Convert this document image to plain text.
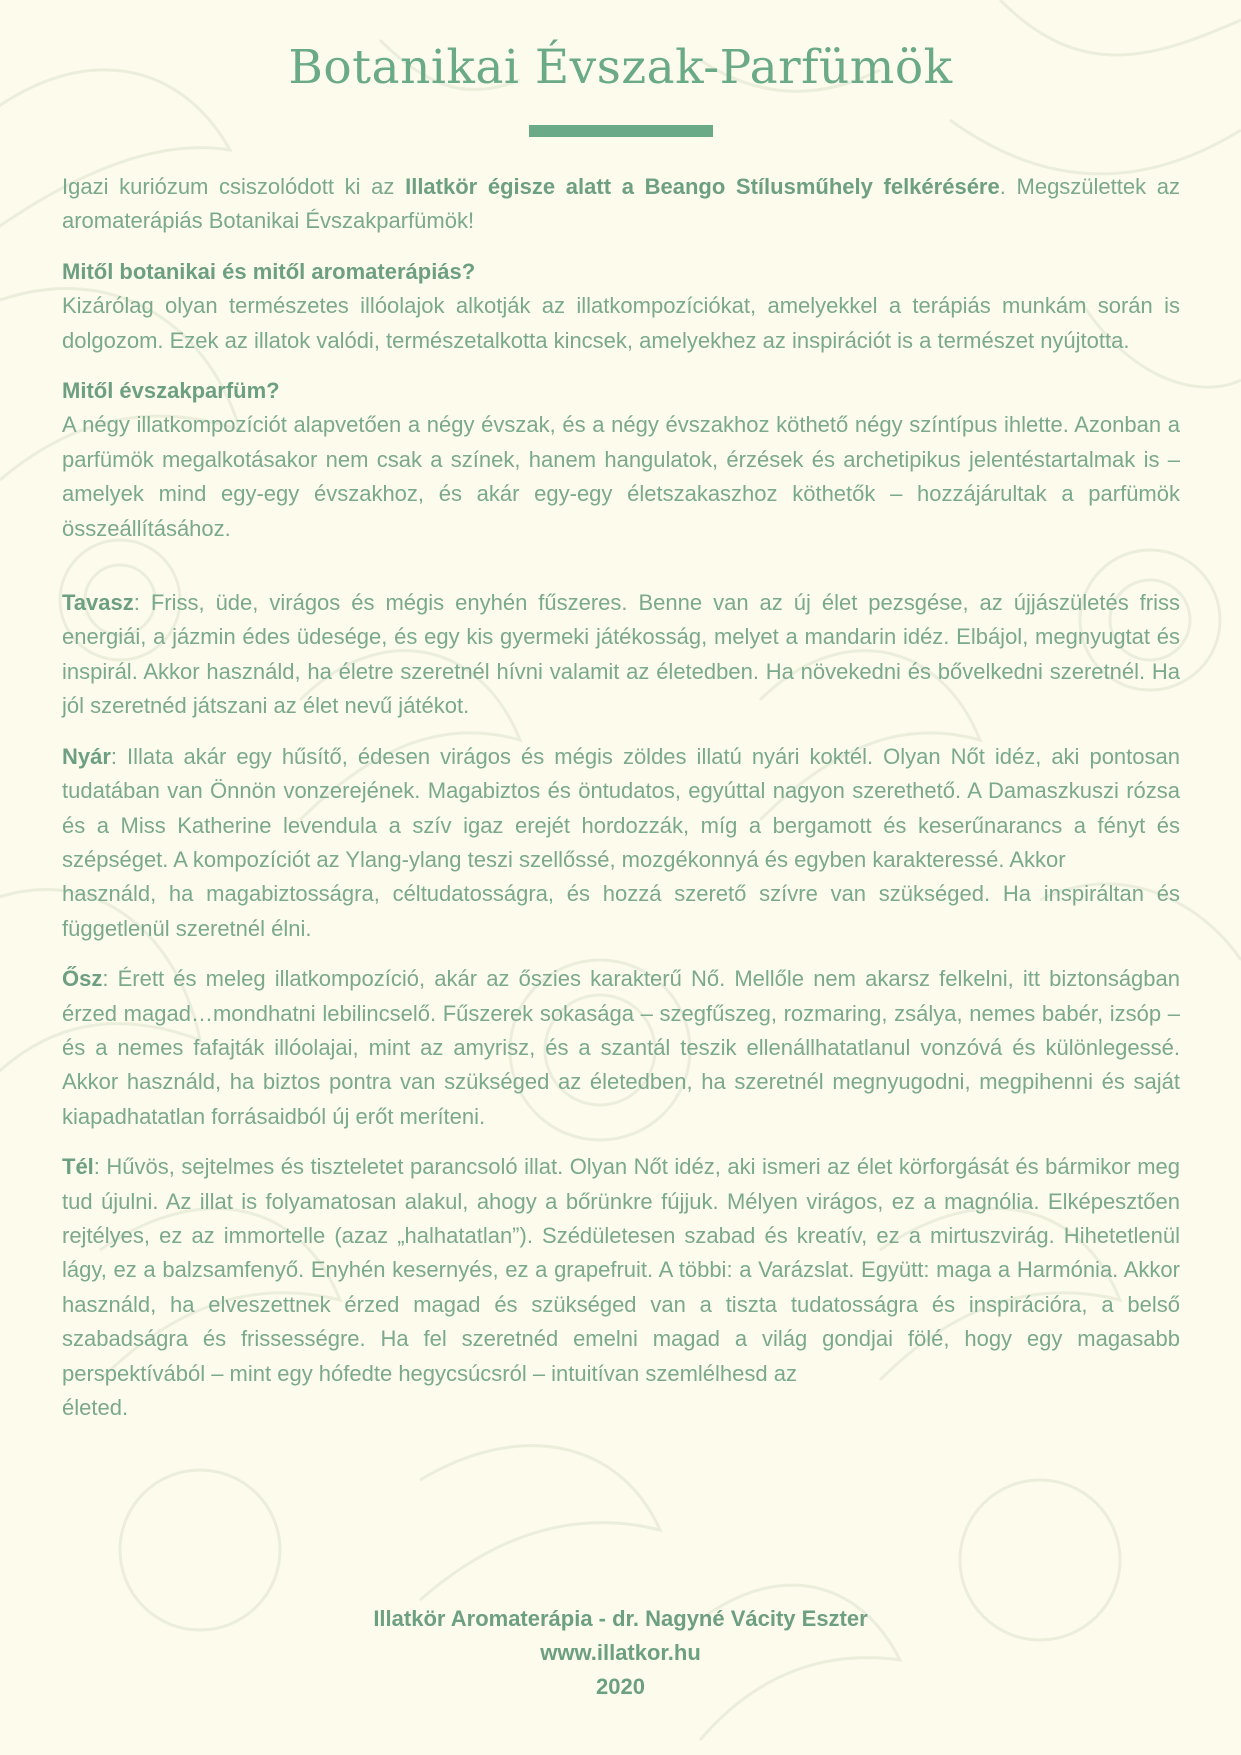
Botanikai Évszak-Parfümök

Igazi kuriózum csiszolódott ki az Illatkör égisze alatt a Beango Stílusműhely felkérésére. Megszülettek az aromaterápiás Botanikai Évszakparfümök!

Mitől botanikai és mitől aromaterápiás?
Kizárólag olyan természetes illóolajok alkotják az illatkompozíciókat, amelyekkel a terápiás munkám során is dolgozom. Ezek az illatok valódi, természetalkotta kincsek, amelyekhez az inspirációt is a természet nyújtotta.

Mitől évszakparfüm?
A négy illatkompozíciót alapvetően a négy évszak, és a négy évszakhoz köthető négy színtípus ihlette. Azonban a parfümök megalkotásakor nem csak a színek, hanem hangulatok, érzések és archetipikus jelentéstartalmak is – amelyek mind egy-egy évszakhoz, és akár egy-egy életszakaszhoz köthetők – hozzájárultak a parfümök összeállításához.

Tavasz: Friss, üde, virágos és mégis enyhén fűszeres. Benne van az új élet pezsgése, az újjászületés friss energiái, a jázmin édes üdesége, és egy kis gyermeki játékosság, melyet a mandarin idéz. Elbájol, megnyugtat és inspirál. Akkor használd, ha életre szeretnél hívni valamit az életedben. Ha növekedni és bővelkedni szeretnél. Ha jól szeretnéd játszani az élet nevű játékot.

Nyár: Illata akár egy hűsítő, édesen virágos és mégis zöldes illatú nyári koktél. Olyan Nőt idéz, aki pontosan tudatában van Önnön vonzerejének. Magabiztos és öntudatos, egyúttal nagyon szerethető. A Damaszkuszi rózsa és a Miss Katherine levendula a szív igaz erejét hordozzák, míg a bergamott és keserűnarancs a fényt és szépséget. A kompozíciót az Ylang-ylang teszi szellőssé, mozgékonnyá és egyben karakteressé. Akkor
használd, ha magabiztosságra, céltudatosságra, és hozzá szerető szívre van szükséged. Ha inspiráltan és függetlenül szeretnél élni.

Ősz: Érett és meleg illatkompozíció, akár az őszies karakterű Nő. Mellőle nem akarsz felkelni, itt biztonságban érzed magad…mondhatni lebilincselő. Fűszerek sokasága – szegfűszeg, rozmaring, zsálya, nemes babér, izsóp – és a nemes fafajták illóolajai, mint az amyrisz, és a szantál teszik ellenállhatatlanul vonzóvá és különlegessé. Akkor használd, ha biztos pontra van szükséged az életedben, ha szeretnél megnyugodni, megpihenni és saját kiapadhatatlan forrásaidból új erőt meríteni.

Tél: Hűvös, sejtelmes és tiszteletet parancsoló illat. Olyan Nőt idéz, aki ismeri az élet körforgását és bármikor meg tud újulni. Az illat is folyamatosan alakul, ahogy a bőrünkre fújjuk. Mélyen virágos, ez a magnólia. Elképesztően rejtélyes, ez az immortelle (azaz „halhatatlan”). Szédületesen szabad és kreatív, ez a mirtuszvirág. Hihetetlenül lágy, ez a balzsamfenyő. Enyhén kesernyés, ez a grapefruit. A többi: a Varázslat. Együtt: maga a Harmónia. Akkor használd, ha elveszettnek érzed magad és szükséged van a tiszta tudatosságra és inspirációra, a belső szabadságra és frissességre. Ha fel szeretnéd emelni magad a világ gondjai fölé, hogy egy magasabb perspektívából – mint egy hófedte hegycsúcsról – intuitívan szemlélhesd az
életed.

Illatkör Aromaterápia - dr. Nagyné Vácity Eszter
www.illatkor.hu
2020
